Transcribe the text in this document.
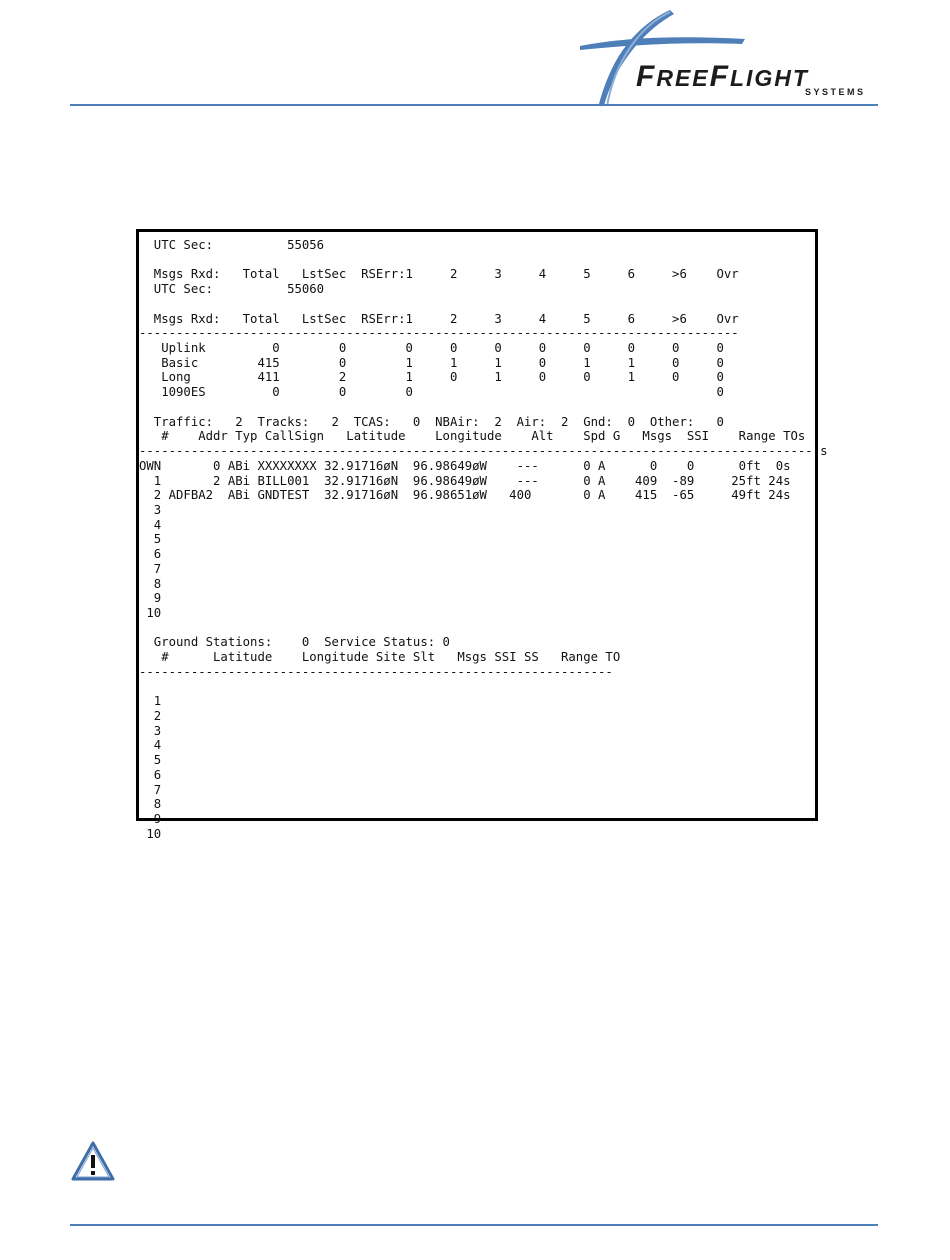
FREEFLIGHT
SYSTEMS
UTC Sec:          55056

Msgs Rxd:   Total   LstSec  RSErr:1     2     3     4     5     6     >6    Ovr
UTC Sec:          55060

Msgs Rxd:   Total   LstSec  RSErr:1     2     3     4     5     6     >6    Ovr
---------------------------------------------------------------------------------
Uplink         0        0        0     0     0     0     0     0     0     0
Basic        415        0        1     1     1     0     1     1     0     0
Long         411        2        1     0     1     0     0     1     0     0
1090ES         0        0        0                                         0

Traffic:   2  Tracks:   2  TCAS:   0  NBAir:  2  Air:  2  Gnd:  0  Other:   0
#    Addr Typ CallSign   Latitude    Longitude    Alt    Spd G   Msgs  SSI    Range TOs
--------------------------------------------------------------------------------------------s
OWN       0 ABi XXXXXXXX 32.91716øN  96.98649øW    ---      0 A      0    0      0ft  0s
1       2 ABi BILL001  32.91716øN  96.98649øW    ---      0 A    409  -89     25ft 24s
2 ADFBA2  ABi GNDTEST  32.91716øN  96.98651øW   400       0 A    415  -65     49ft 24s
3
4
5
6
7
8
9
10

Ground Stations:    0  Service Status: 0
#      Latitude    Longitude Site Slt   Msgs SSI SS   Range TO
----------------------------------------------------------------

1
2
3
4
5
6
7
8
9
10
